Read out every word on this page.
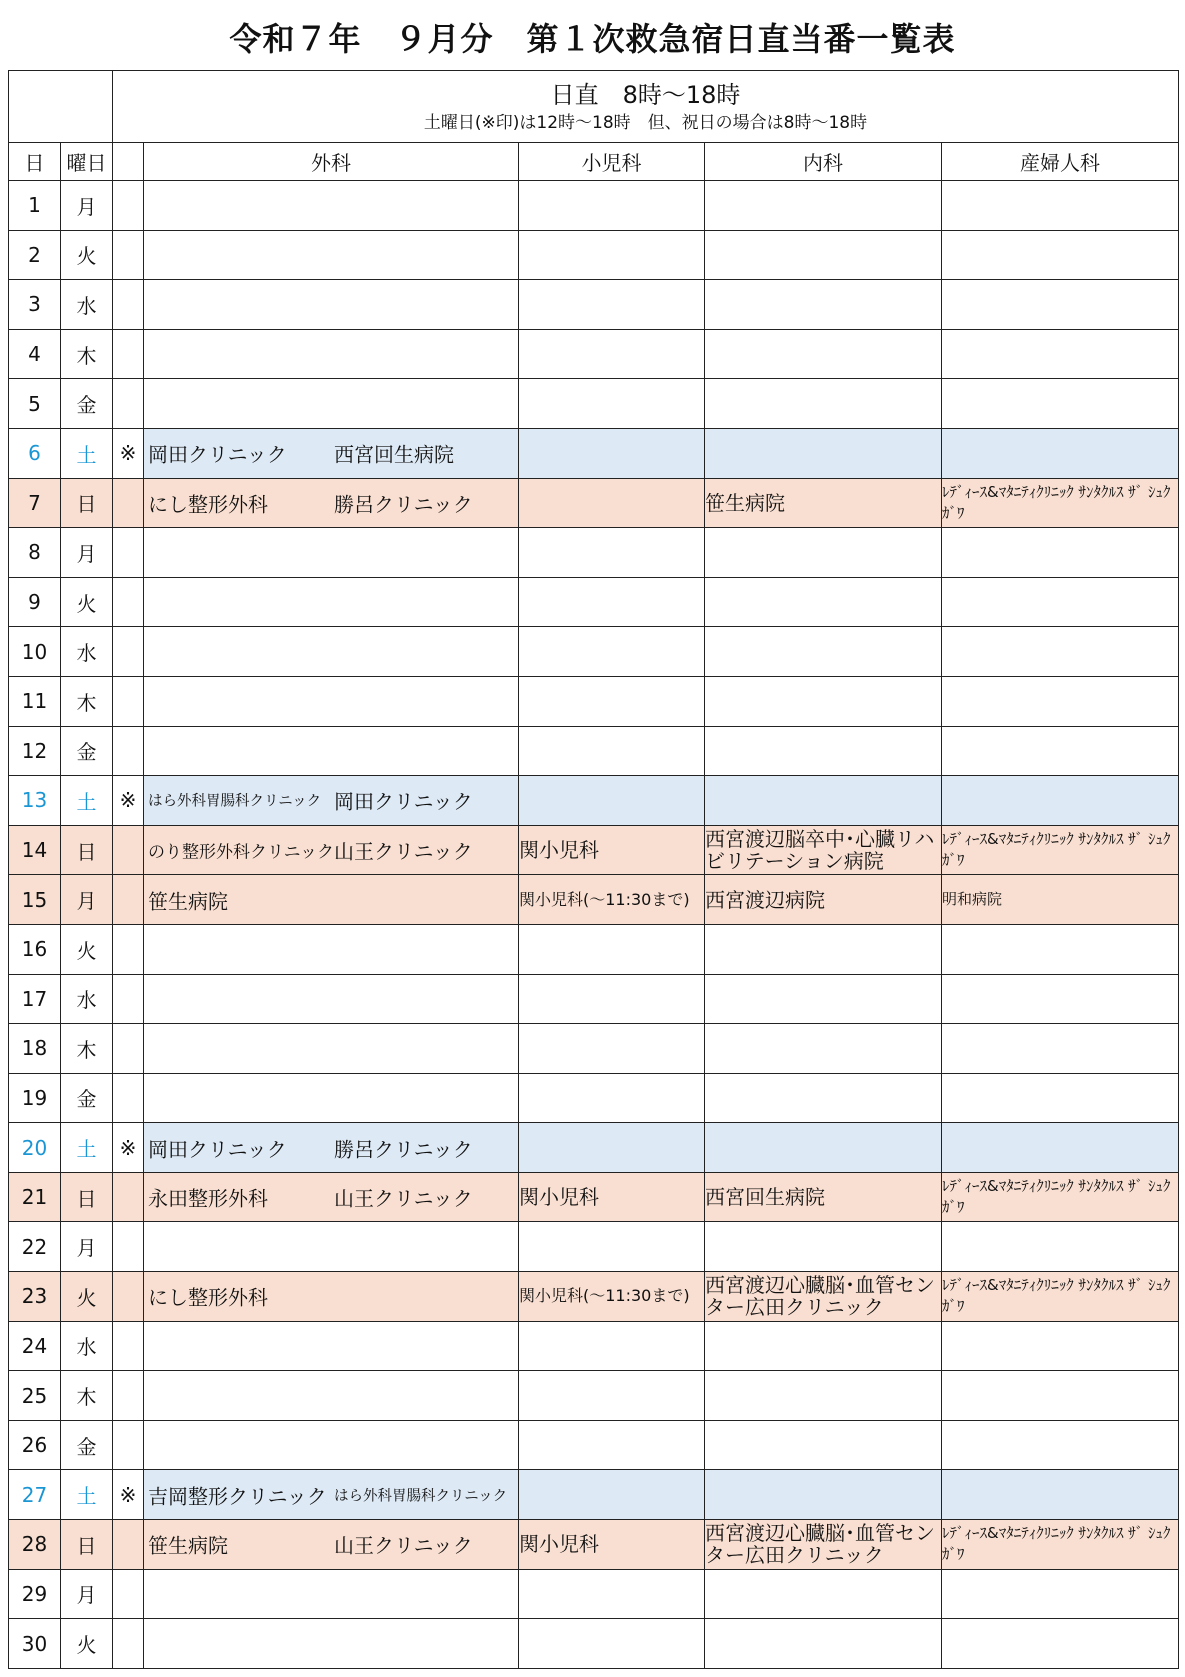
令和７年　９月分　第１次救急宿日直当番一覧表

		日直　8時～18時
土曜日(※印)は12時～18時　但、祝日の場合は8時～18時				

日	曜日		外科	小児科	内科	産婦人科
1	月		

2	火		

3	水		

4	木		

5	金		

6	土	※	岡田クリニック 西宮回生病院			

7	日		にし整形外科 勝呂クリニック		笹生病院	ﾚﾃﾞｨｰｽ&ﾏﾀﾆﾃｨｸﾘﾆｯｸ ｻﾝﾀｸﾙｽ ｻﾞ ｼｭｸｶﾞﾜ
8	月		

9	火		

10	水		

11	木		

12	金		

13	土	※	はら外科胃腸科クリニック 岡田クリニック			

14	日		のり整形外科クリニック 山王クリニック	関小児科	西宮渡辺脳卒中･心臓リハビリテーション病院	ﾚﾃﾞｨｰｽ&ﾏﾀﾆﾃｨｸﾘﾆｯｸ ｻﾝﾀｸﾙｽ ｻﾞ ｼｭｸｶﾞﾜ
15	月		笹生病院	関小児科(～11:30まで)	西宮渡辺病院	明和病院
16	火		

17	水		

18	木		

19	金		

20	土	※	岡田クリニック 勝呂クリニック			

21	日		永田整形外科 山王クリニック	関小児科	西宮回生病院	ﾚﾃﾞｨｰｽ&ﾏﾀﾆﾃｨｸﾘﾆｯｸ ｻﾝﾀｸﾙｽ ｻﾞ ｼｭｸｶﾞﾜ
22	月		

23	火		にし整形外科	関小児科(～11:30まで)	西宮渡辺心臓脳･血管センター広田クリニック	ﾚﾃﾞｨｰｽ&ﾏﾀﾆﾃｨｸﾘﾆｯｸ ｻﾝﾀｸﾙｽ ｻﾞ ｼｭｸｶﾞﾜ
24	水		

25	木		

26	金		

27	土	※	吉岡整形クリニック はら外科胃腸科クリニック			

28	日		笹生病院 山王クリニック	関小児科	西宮渡辺心臓脳･血管センター広田クリニック	ﾚﾃﾞｨｰｽ&ﾏﾀﾆﾃｨｸﾘﾆｯｸ ｻﾝﾀｸﾙｽ ｻﾞ ｼｭｸｶﾞﾜ
29	月		

30	火		
